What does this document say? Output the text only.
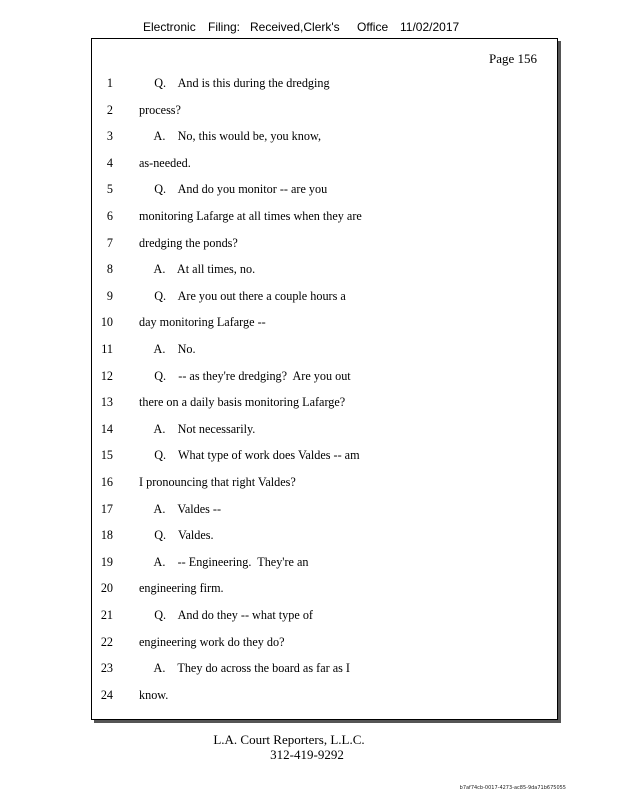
Electronic Filing: Received,Clerk's Office 11/02/2017
Page 156
1 Q.    And is this during the dredging
2 process?
3 A.    No, this would be, you know,
4 as-needed.
5 Q.    And do you monitor -- are you
6 monitoring Lafarge at all times when they are
7 dredging the ponds?
8 A.    At all times, no.
9 Q.    Are you out there a couple hours a
10 day monitoring Lafarge --
11 A.    No.
12 Q.    -- as they're dredging?  Are you out
13 there on a daily basis monitoring Lafarge?
14 A.    Not necessarily.
15 Q.    What type of work does Valdes -- am
16 I pronouncing that right Valdes?
17 A.    Valdes --
18 Q.    Valdes.
19 A.    -- Engineering.  They're an
20 engineering firm.
21 Q.    And do they -- what type of
22 engineering work do they do?
23 A.    They do across the board as far as I
24 know.
L.A. Court Reporters, L.L.C.
312-419-9292
b7af74cb-0017-4273-ac85-9da71b675055
